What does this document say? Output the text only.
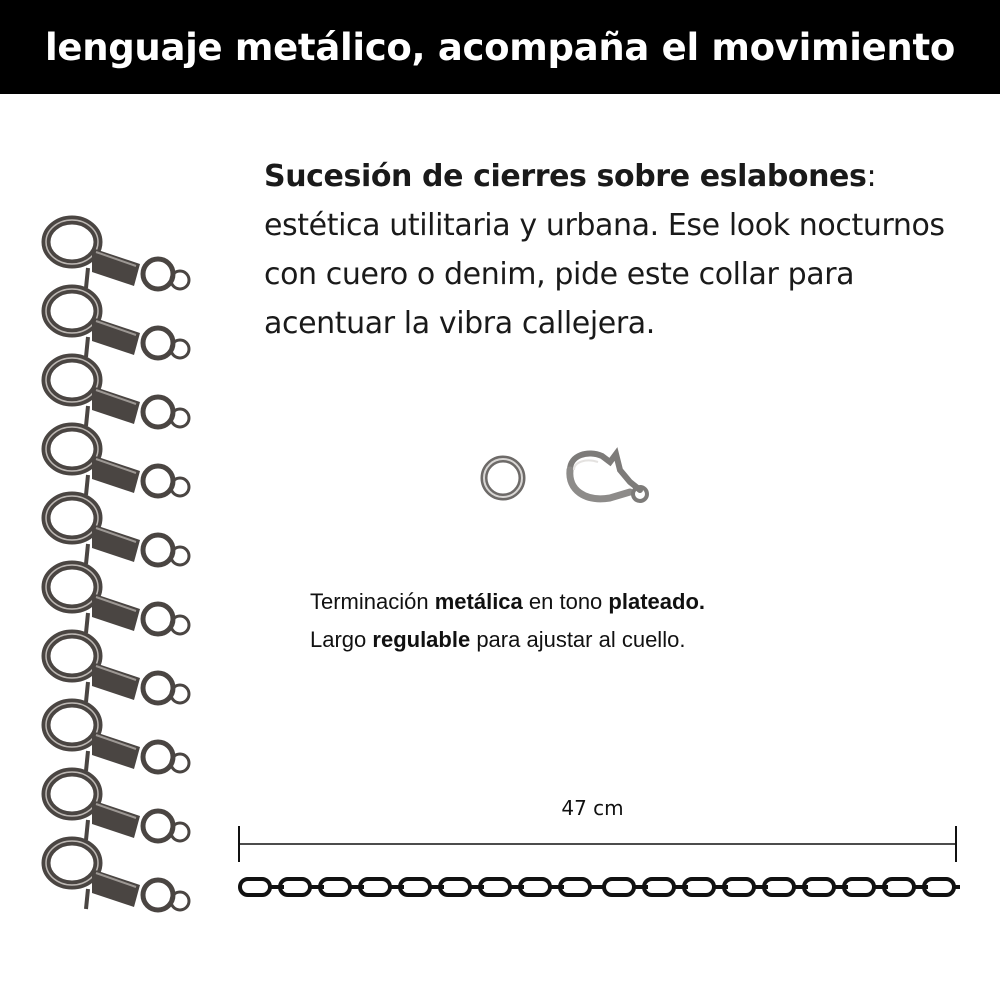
lenguaje metálico, acompaña el movimiento
Sucesión de cierres sobre eslabones: estética utilitaria y urbana. Ese look nocturnos con cuero o denim, pide este collar para acentuar la vibra callejera.
Terminación metálica en tono plateado.
Largo regulable para ajustar al cuello.
47 cm
